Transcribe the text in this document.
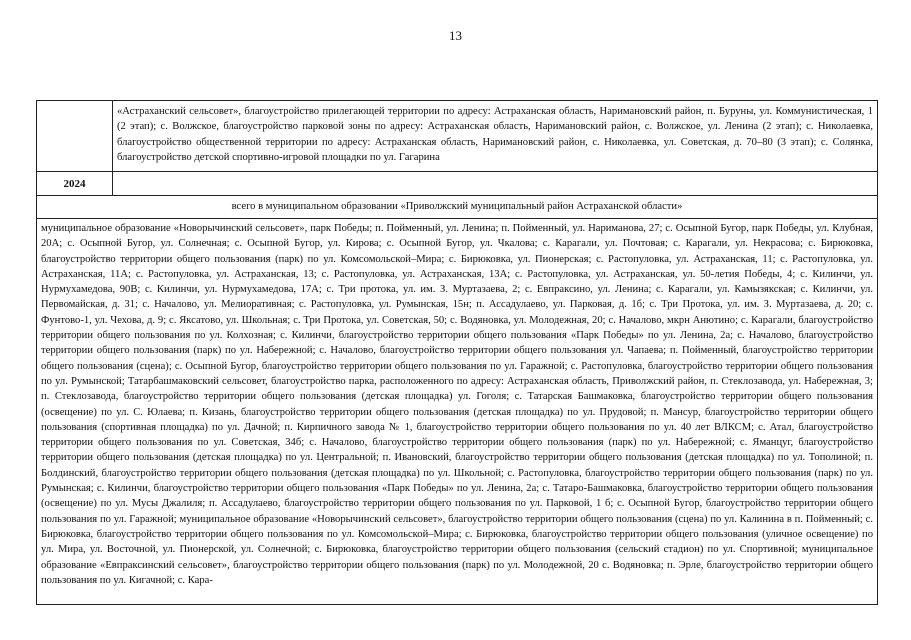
13
«Астраханский сельсовет», благоустройство прилегающей территории по адресу: Астраханская область, Наримановский район, п. Буруны, ул. Коммунистическая, 1 (2 этап); с. Волжское, благоустройство парковой зоны по адресу: Астраханская область, Наримановский район, с. Волжское, ул. Ленина (2 этап); с. Николаевка, благоустройство общественной территории по адресу: Астраханская область, Наримановский район, с. Николаевка, ул. Советская, д. 70–80 (3 этап); с. Солянка, благоустройство детской спортивно-игровой площадки по ул. Гагарина
2024
всего в муниципальном образовании «Приволжский муниципальный район Астраханской области»
муниципальное образование «Новорычинский сельсовет», парк Победы; п. Пойменный, ул. Ленина; п. Пойменный, ул. Нариманова, 27; с. Осыпной Бугор, парк Победы, ул. Клубная, 20А; с. Осыпной Бугор, ул. Солнечная; с. Осыпной Бугор, ул. Кирова; с. Осыпной Бугор, ул. Чкалова; с. Карагали, ул. Почтовая; с. Карагали, ул. Некрасова; с. Бирюковка, благоустройство территории общего пользования (парк) по ул. Комсомольской–Мира; с. Бирюковка, ул. Пионерская; с. Растопуловка, ул. Астраханская, 11; с. Растопуловка, ул. Астраханская, 11А; с. Растопуловка, ул. Астраханская, 13; с. Растопуловка, ул. Астраханская, 13А; с. Растопуловка, ул. Астраханская, ул. 50-летия Победы, 4; с. Килинчи, ул. Нурмухамедова, 90В; с. Килинчи, ул. Нурмухамедова, 17А; с. Три протока, ул. им. З. Муртазаева, 2; с. Евпраксино, ул. Ленина; с. Карагали, ул. Камызякская; с. Килинчи, ул. Первомайская, д. 31; с. Началово, ул. Мелиоративная; с. Растопуловка, ул. Румынская, 15н; п. Ассадулаево, ул. Парковая, д. 1б; с. Три Протока, ул. им. З. Муртазаева, д. 20; с. Фунтово-1, ул. Чехова, д. 9; с. Яксатово, ул. Школьная; с. Три Протока, ул. Советская, 50; с. Водяновка, ул. Молодежная, 20; с. Началово, мкрн Анютино; с. Карагали, благоустройство территории общего пользования по ул. Колхозная; с. Килинчи, благоустройство территории общего пользования «Парк Победы» по ул. Ленина, 2а; с. Началово, благоустройство территории общего пользования (парк) по ул. Набережной; с. Началово, благоустройство территории общего пользования ул. Чапаева; п. Пойменный, благоустройство территории общего пользования (сцена); с. Осыпной Бугор, благоустройство территории общего пользования по ул. Гаражной; с. Растопуловка, благоустройство территории общего пользования по ул. Румынской; Татарбашмаковский сельсовет, благоустройство парка, расположенного по адресу: Астраханская область, Приволжский район, п. Стеклозавода, ул. Набережная, 3; п. Стеклозавода, благоустройство территории общего пользования (детская площадка) ул. Гоголя; с. Татарская Башмаковка, благоустройство территории общего пользования (освещение) по ул. С. Юлаева; п. Кизань, благоустройство территории общего пользования (детская площадка) по ул. Прудовой; п. Мансур, благоустройство территории общего пользования (спортивная площадка) по ул. Дачной; п. Кирпичного завода № 1, благоустройство территории общего пользования по ул. 40 лет ВЛКСМ; с. Атал, благоустройство территории общего пользования по ул. Советская, 34б; с. Началово, благоустройство территории общего пользования (парк) по ул. Набережной; с. Яманцуг, благоустройство территории общего пользования (детская площадка) по ул. Центральной; п. Ивановский, благоустройство территории общего пользования (детская площадка) по ул. Тополиной; п. Болдинский, благоустройство территории общего пользования (детская площадка) по ул. Школьной; с. Растопуловка, благоустройство территории общего пользования (парк) по ул. Румынская; с. Килинчи, благоустройство территории общего пользования «Парк Победы» по ул. Ленина, 2а; с. Татаро-Башмаковка, благоустройство территории общего пользования (освещение) по ул. Мусы Джалиля; п. Ассадулаево, благоустройство территории общего пользования по ул. Парковой, 1 б; с. Осыпной Бугор, благоустройство территории общего пользования по ул. Гаражной; муниципальное образование «Новорычинский сельсовет», благоустройство территории общего пользования (сцена) по ул. Калинина в п. Пойменный; с. Бирюковка, благоустройство территории общего пользования по ул. Комсомольской–Мира; с. Бирюковка, благоустройство территории общего пользования (уличное освещение) по ул. Мира, ул. Восточной, ул. Пионерской, ул. Солнечной; с. Бирюковка, благоустройство территории общего пользования (сельский стадион) по ул. Спортивной; муниципальное образование «Евпраксинский сельсовет», благоустройство территории общего пользования (парк) по ул. Молодежной, 20 с. Водяновка; п. Эрле, благоустройство территории общего пользования по ул. Кигачной; с. Кара-
